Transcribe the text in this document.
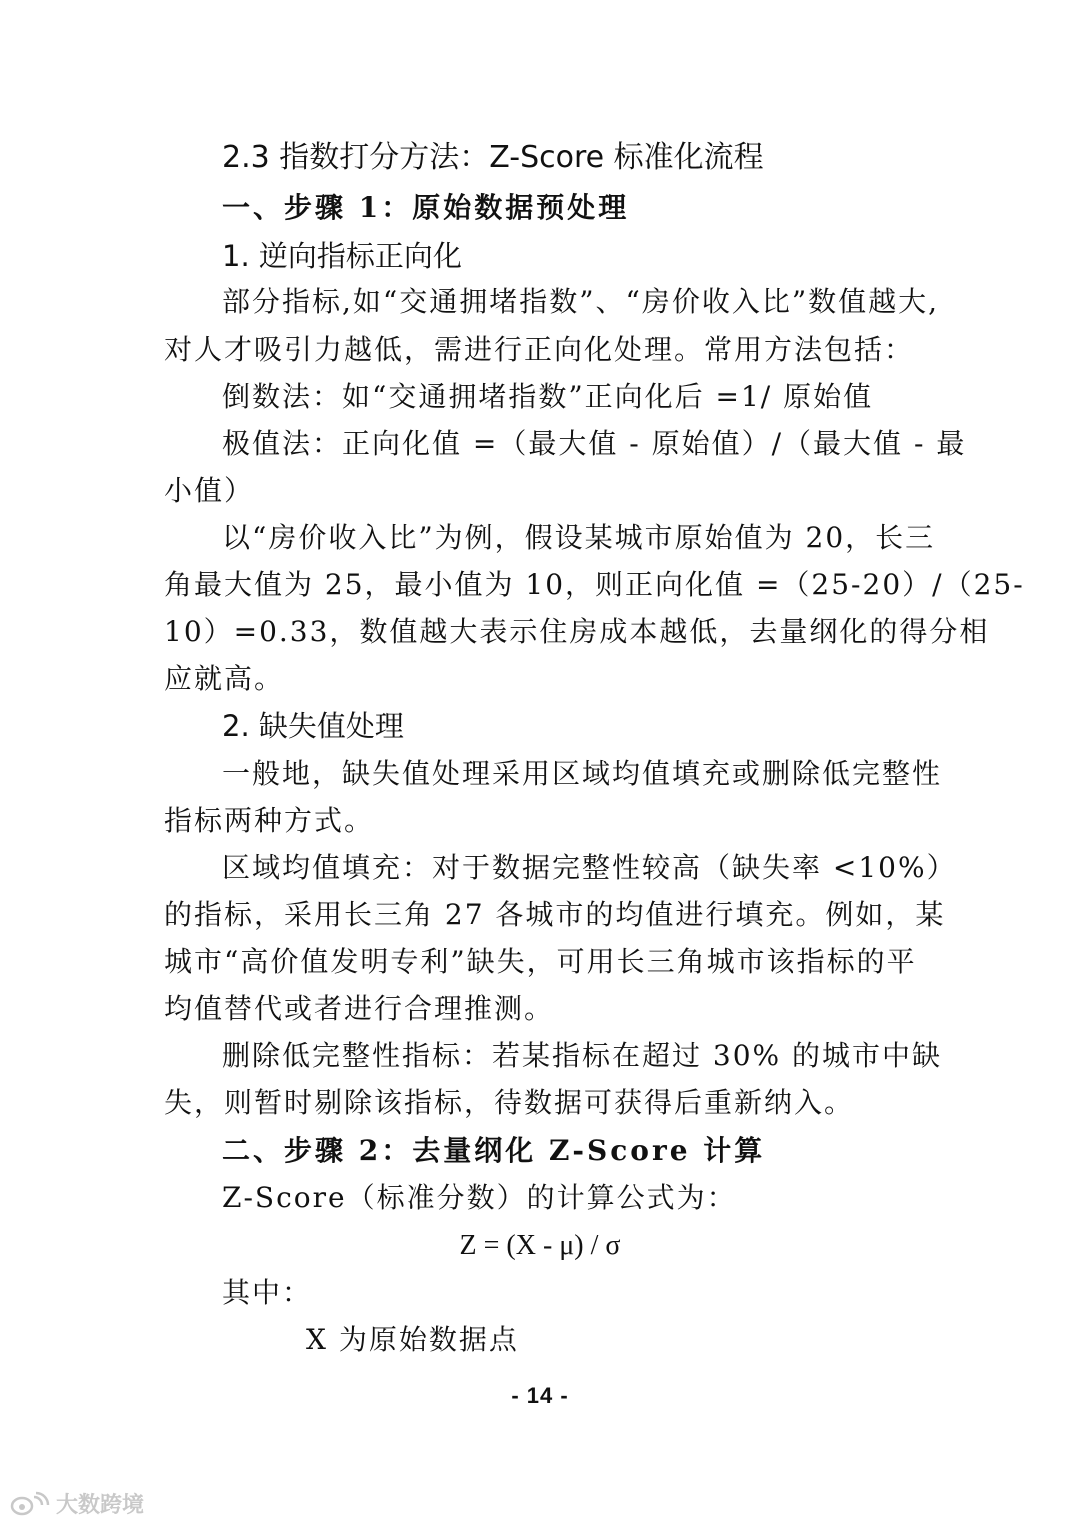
2.3 指数打分方法：Z-Score 标准化流程
一、步骤 1：原始数据预处理
1. 逆向指标正向化
部分指标,如“交通拥堵指数”、“房价收入比”数值越大,
对人才吸引力越低，需进行正向化处理。常用方法包括：
倒数法：如“交通拥堵指数”正向化后 =1/ 原始值
极值法：正向化值 =（最大值 - 原始值）/（最大值 - 最
小值）
以“房价收入比”为例，假设某城市原始值为 20，长三
角最大值为 25，最小值为 10，则正向化值 =（25-20）/（25-
10）=0.33，数值越大表示住房成本越低，去量纲化的得分相
应就高。
2. 缺失值处理
一般地，缺失值处理采用区域均值填充或删除低完整性
指标两种方式。
区域均值填充：对于数据完整性较高（缺失率 <10%）
的指标，采用长三角 27 各城市的均值进行填充。例如，某
城市“高价值发明专利”缺失，可用长三角城市该指标的平
均值替代或者进行合理推测。
删除低完整性指标：若某指标在超过 30% 的城市中缺
失，则暂时剔除该指标，待数据可获得后重新纳入。
二、步骤 2：去量纲化 Z-Score 计算
Z-Score（标准分数）的计算公式为：
Z = (X - μ) / σ
其中：
X 为原始数据点
- 14 -
大数跨境
